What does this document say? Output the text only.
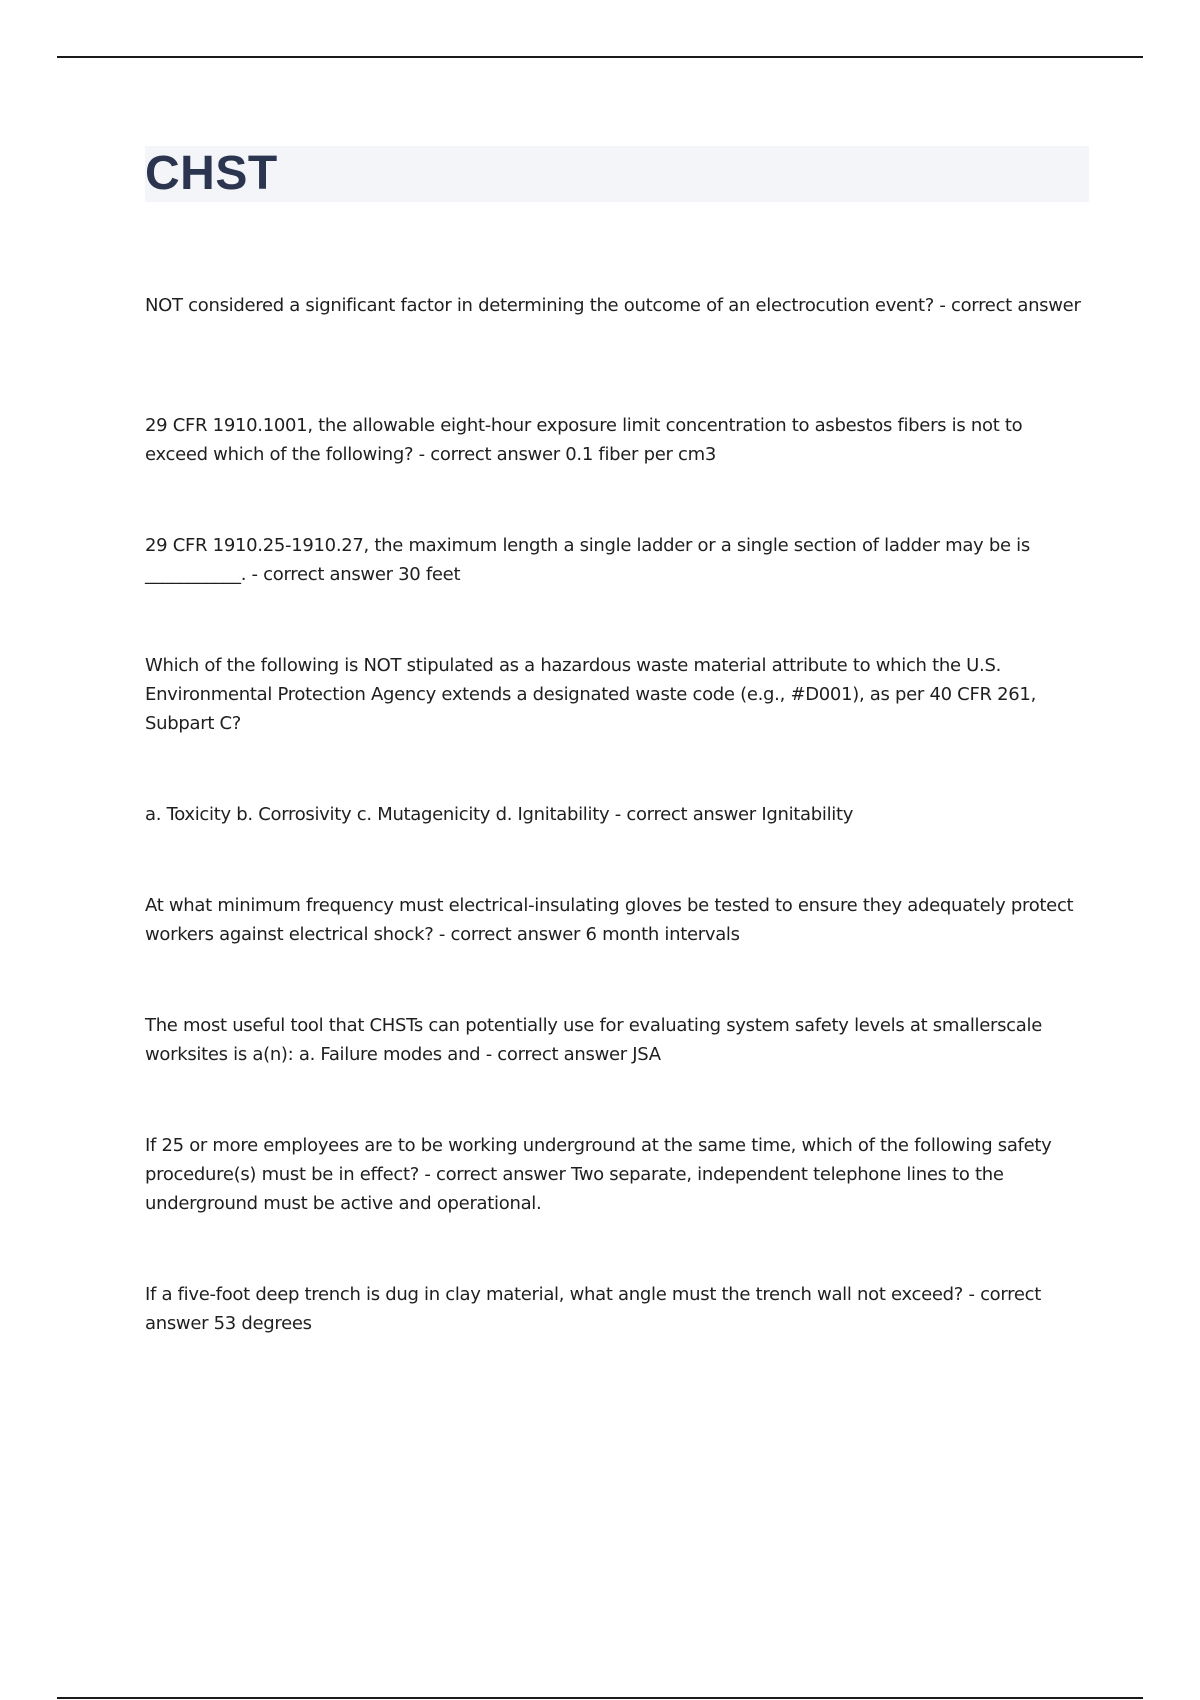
CHST

NOT considered a significant factor in determining the outcome of an electrocution event? - correct answer

29 CFR 1910.1001, the allowable eight-hour exposure limit concentration to asbestos fibers is not to exceed which of the following? - correct answer 0.1 fiber per cm3

29 CFR 1910.25-1910.27, the maximum length a single ladder or a single section of ladder may be is ___________. - correct answer 30 feet

Which of the following is NOT stipulated as a hazardous waste material attribute to which the U.S. Environmental Protection Agency extends a designated waste code (e.g., #D001), as per 40 CFR 261, Subpart C?

a. Toxicity b. Corrosivity c. Mutagenicity d. Ignitability - correct answer Ignitability

At what minimum frequency must electrical-insulating gloves be tested to ensure they adequately protect workers against electrical shock? - correct answer 6 month intervals

The most useful tool that CHSTs can potentially use for evaluating system safety levels at smallerscale worksites is a(n): a. Failure modes and - correct answer JSA

If 25 or more employees are to be working underground at the same time, which of the following safety procedure(s) must be in effect? - correct answer Two separate, independent telephone lines to the underground must be active and operational.

If a five-foot deep trench is dug in clay material, what angle must the trench wall not exceed? - correct answer 53 degrees
